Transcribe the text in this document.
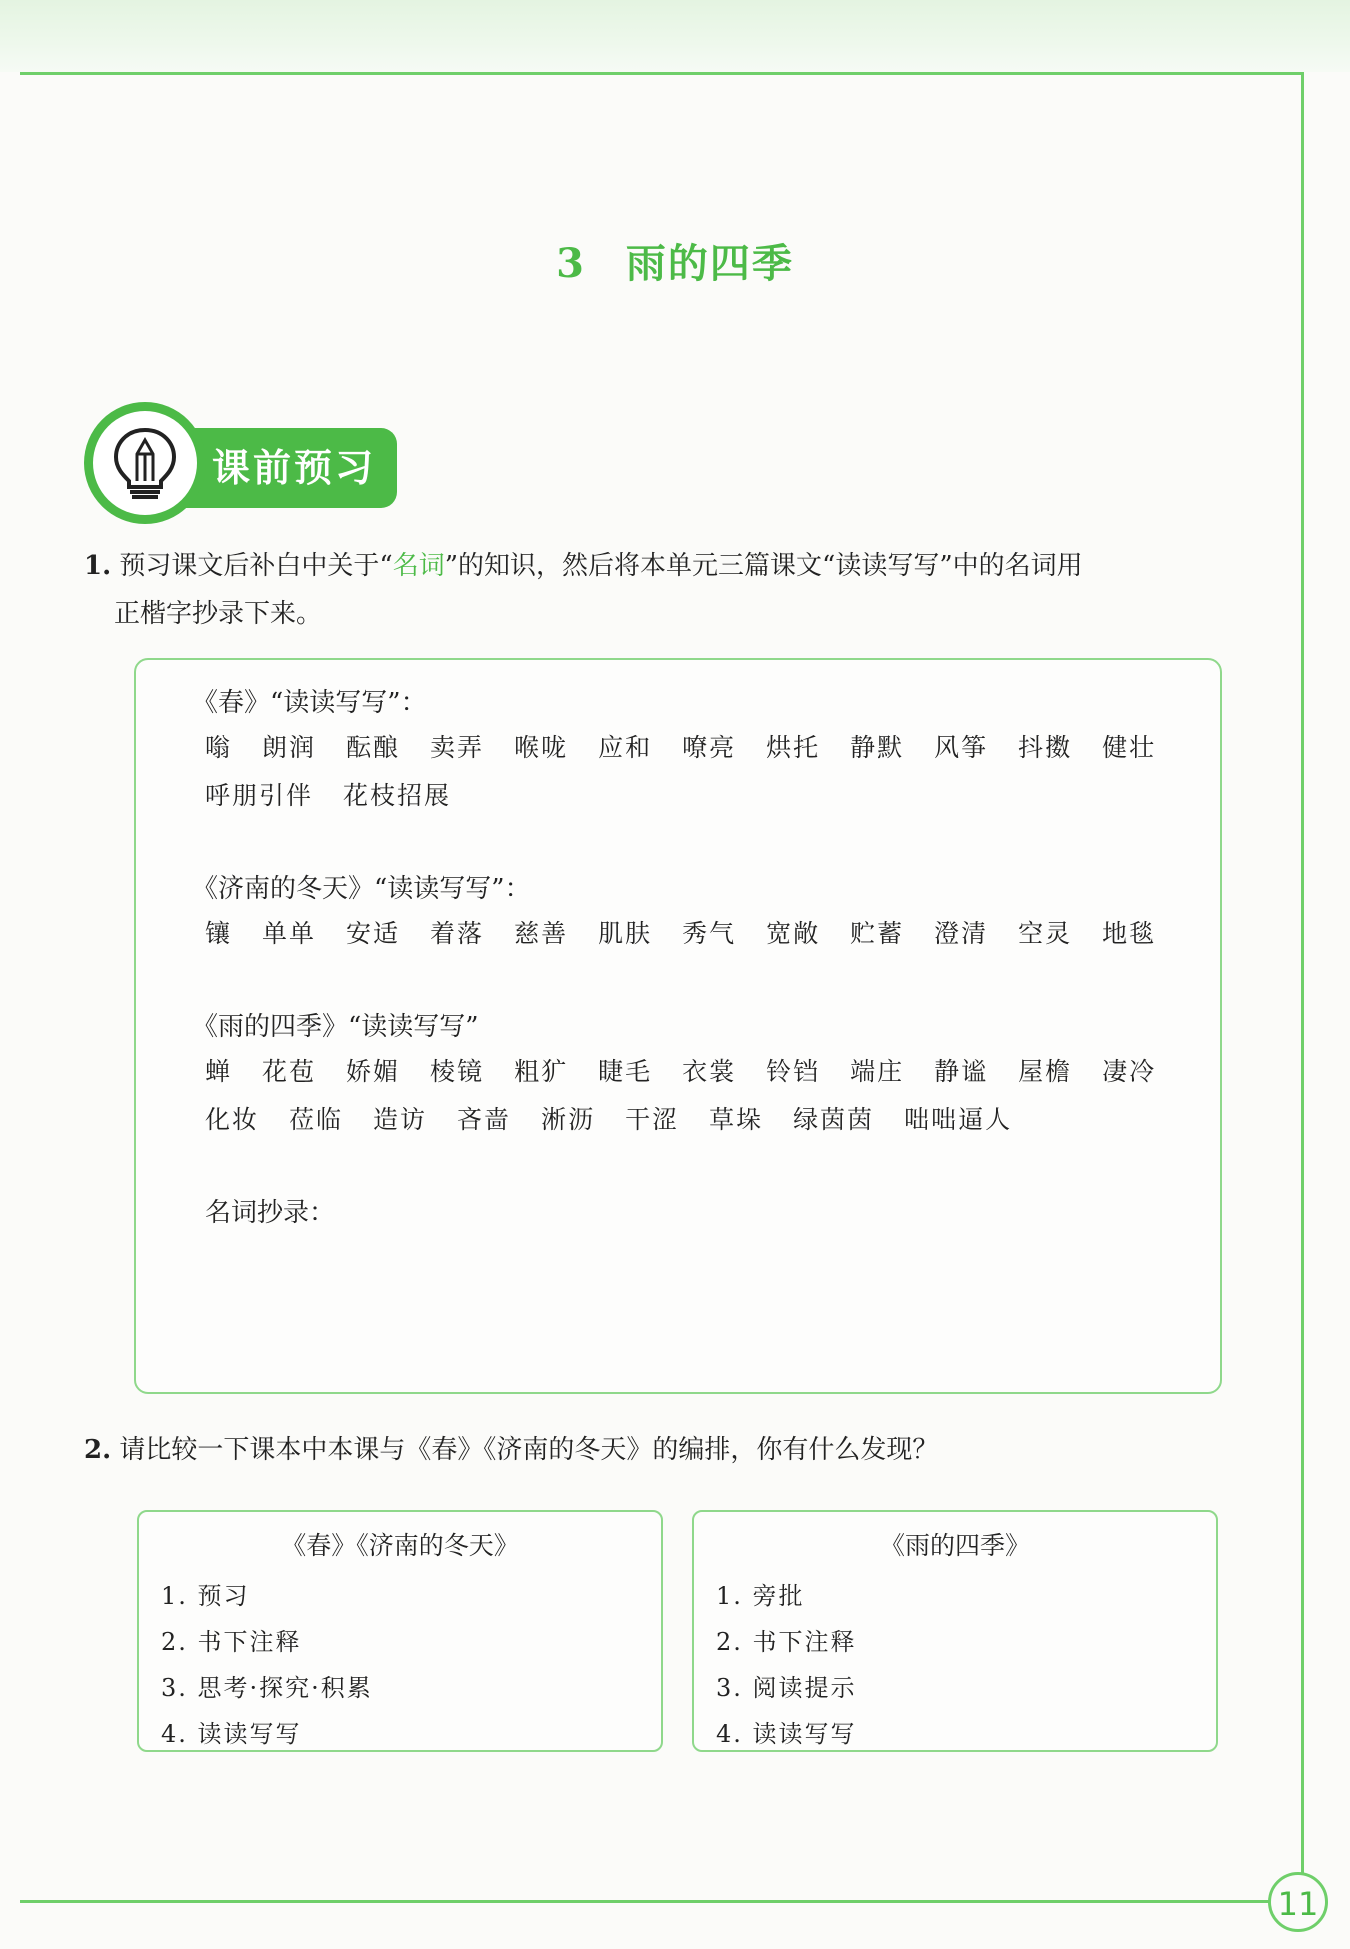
11
3 雨的四季
课前预习
1. 预习课文后补白中关于“名词”的知识，然后将本单元三篇课文“读读写写”中的名词用
正楷字抄录下来。
《春》“读读写写”：
嗡 朗润 酝酿 卖弄 喉咙 应和 嘹亮 烘托 静默 风筝 抖擞 健壮
呼朋引伴 花枝招展
《济南的冬天》“读读写写”：
镶 单单 安适 着落 慈善 肌肤 秀气 宽敞 贮蓄 澄清 空灵 地毯
《雨的四季》“读读写写”
蝉 花苞 娇媚 棱镜 粗犷 睫毛 衣裳 铃铛 端庄 静谧 屋檐 凄冷
化妆 莅临 造访 吝啬 淅沥 干涩 草垛 绿茵茵 咄咄逼人
名词抄录：
2. 请比较一下课本中本课与《春》《济南的冬天》的编排，你有什么发现？
《春》《济南的冬天》
1. 预习
2. 书下注释
3. 思考·探究·积累
4. 读读写写
《雨的四季》
1. 旁批
2. 书下注释
3. 阅读提示
4. 读读写写
